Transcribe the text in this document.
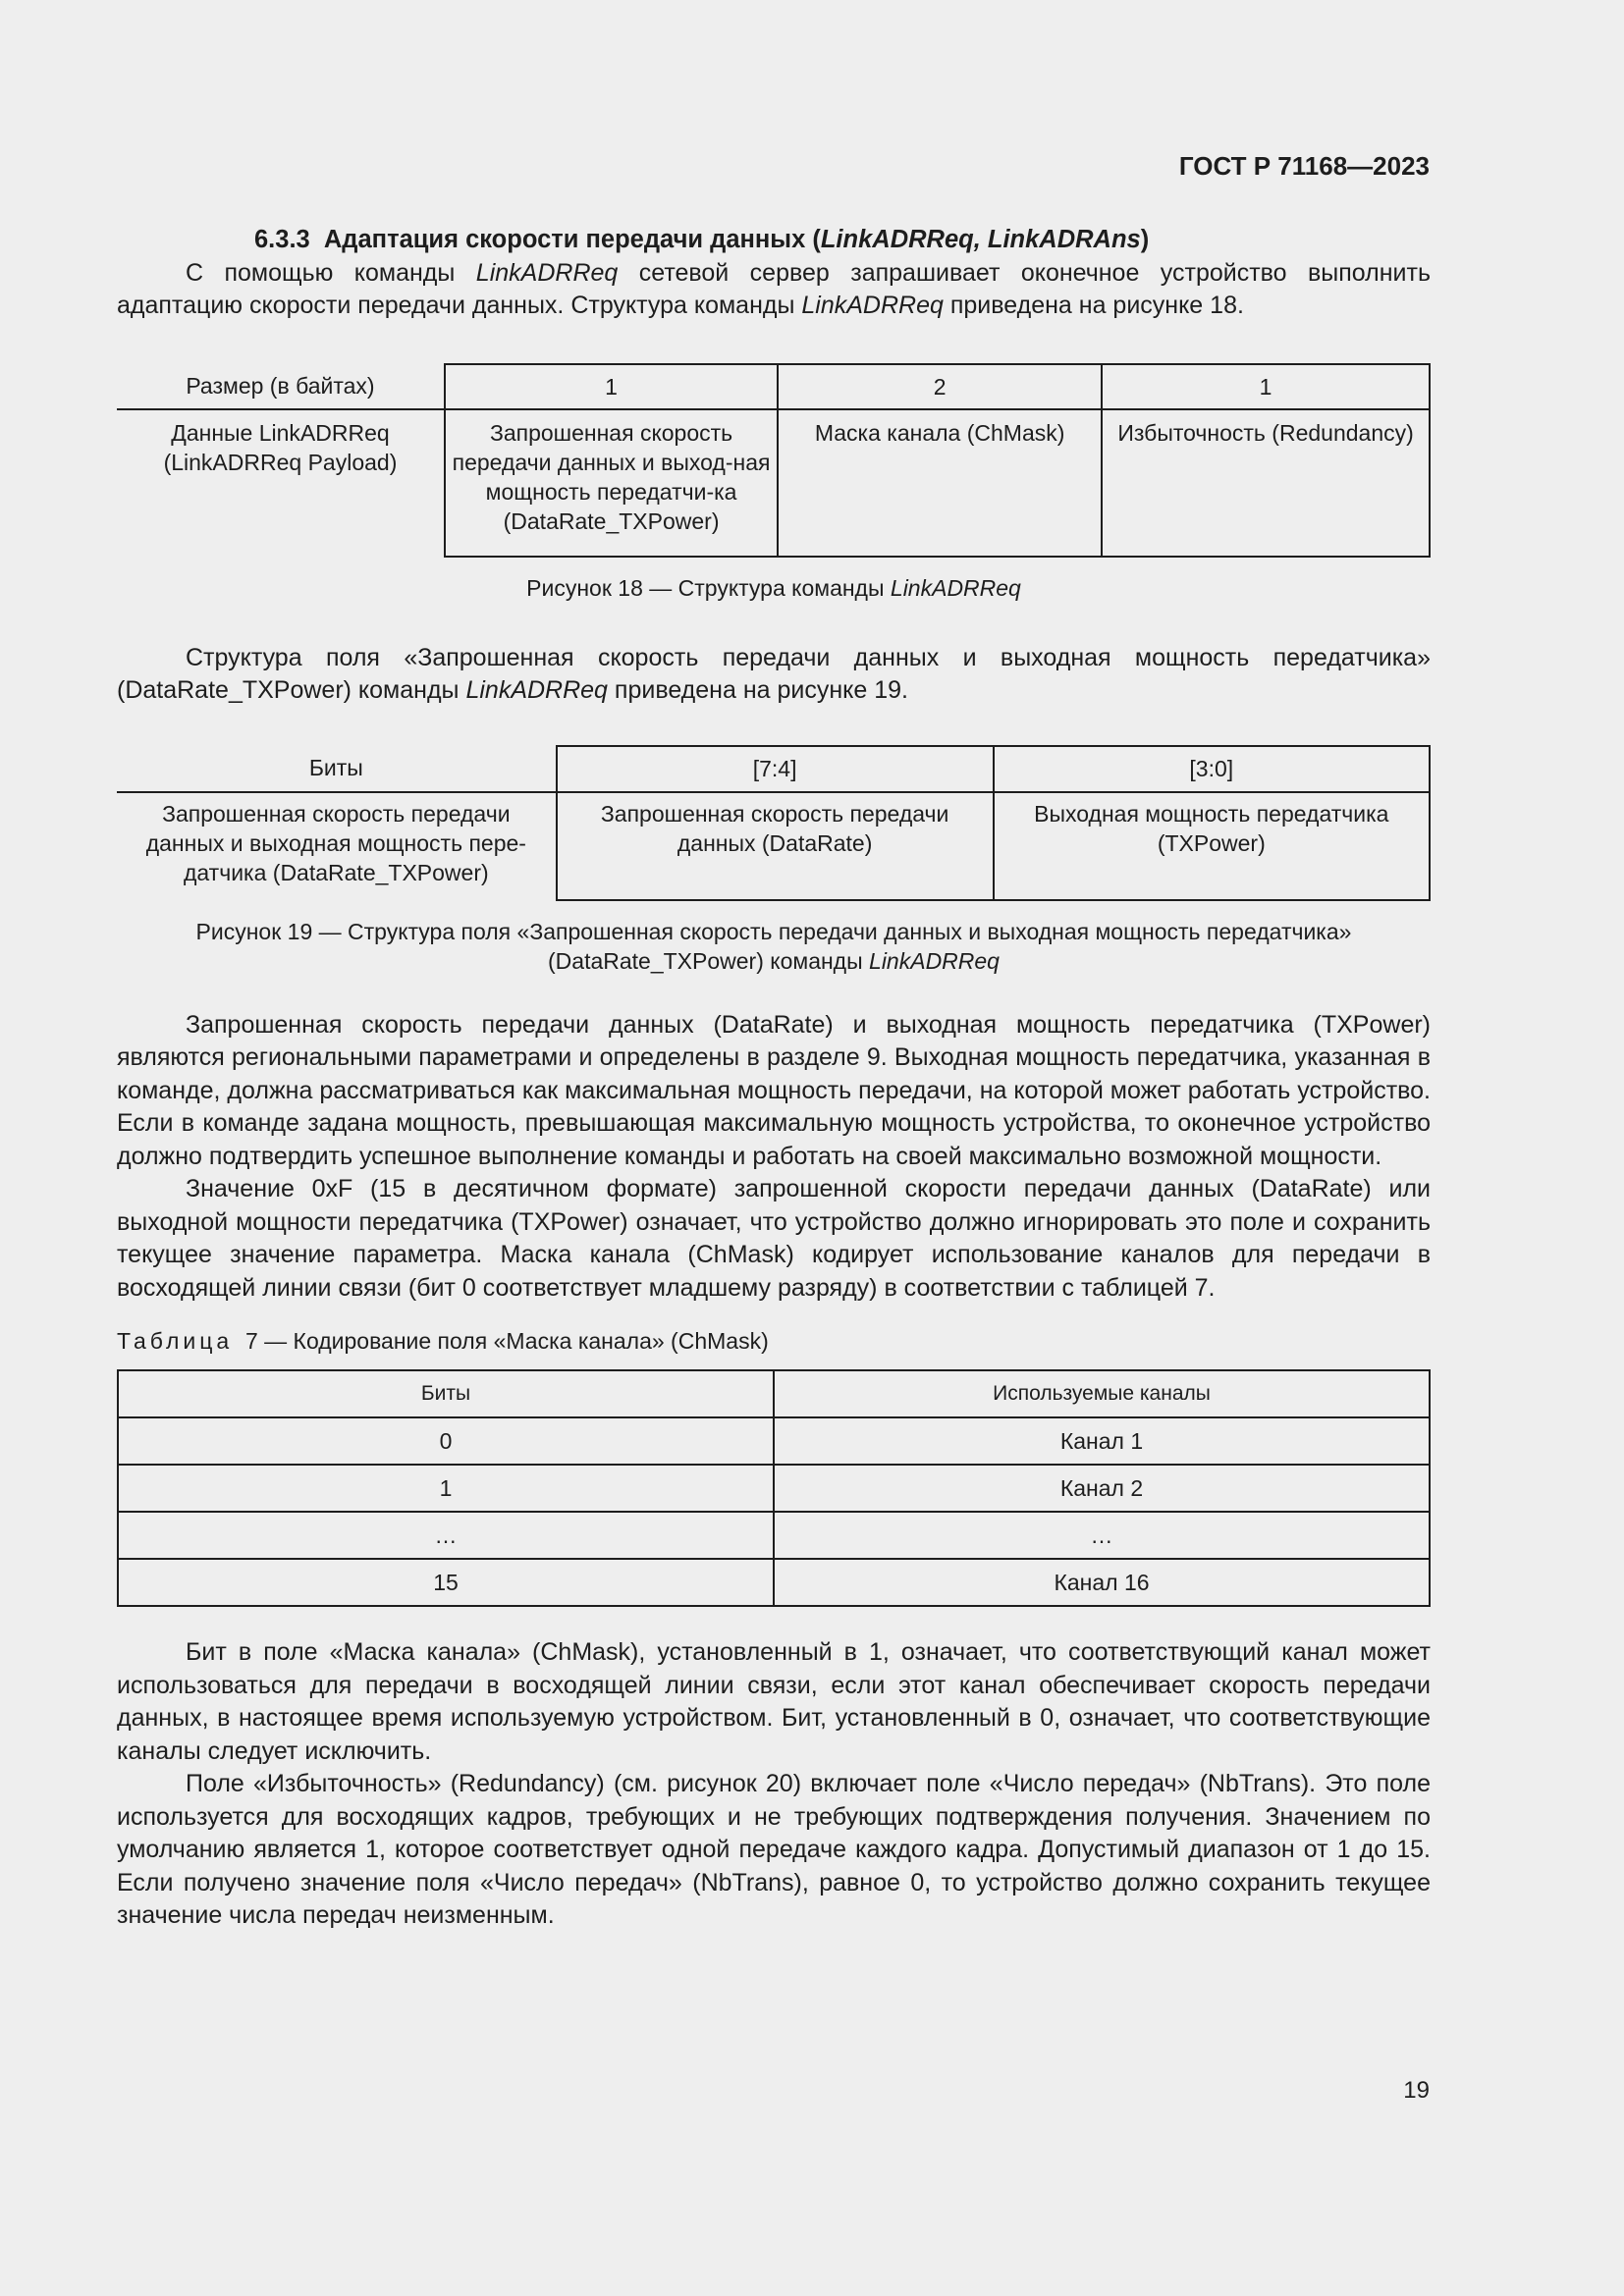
ГОСТ Р 71168—2023

6.3.3 Адаптация скорости передачи данных (LinkADRReq, LinkADRAns)

С помощью команды LinkADRReq сетевой сервер запрашивает оконечное устройство выполнить адаптацию скорости передачи данных. Структура команды LinkADRReq приведена на рисунке 18.

Размер (в байтах)	1	2	1
Данные LinkADRReq (LinkADRReq Payload)	Запрошенная скорость передачи данных и выход-ная мощность передатчи-ка (DataRate_TXPower)	Маска канала (ChMask)	Избыточность (Redundancy)
Рисунок 18 — Структура команды LinkADRReq

Структура поля «Запрошенная скорость передачи данных и выходная мощность передатчика» (DataRate_TXPower) команды LinkADRReq приведена на рисунке 19.

Биты	[7:4]	[3:0]
Запрошенная скорость передачи данных и выходная мощность пере-датчика (DataRate_TXPower)	Запрошенная скорость передачи данных (DataRate)	Выходная мощность передатчика (TXPower)
Рисунок 19 — Структура поля «Запрошенная скорость передачи данных и выходная мощность передатчика»
(DataRate_TXPower) команды LinkADRReq

Запрошенная скорость передачи данных (DataRate) и выходная мощность передатчика (TXPower) являются региональными параметрами и определены в разделе 9. Выходная мощность передатчика, указанная в команде, должна рассматриваться как максимальная мощность передачи, на которой может работать устройство. Если в команде задана мощность, превышающая максимальную мощность устройства, то оконечное устройство должно подтвердить успешное выполнение команды и работать на своей максимально возможной мощности.

Значение 0xF (15 в десятичном формате) запрошенной скорости передачи данных (DataRate) или выходной мощности передатчика (TXPower) означает, что устройство должно игнорировать это поле и сохранить текущее значение параметра. Маска канала (ChMask) кодирует использование каналов для передачи в восходящей линии связи (бит 0 соответствует младшему разряду) в соответствии с таблицей 7.

Таблица 7 — Кодирование поля «Маска канала» (ChMask)
Биты	Используемые каналы
0	Канал 1
1	Канал 2
…	…
15	Канал 16

Бит в поле «Маска канала» (ChMask), установленный в 1, означает, что соответствующий канал может использоваться для передачи в восходящей линии связи, если этот канал обеспечивает скорость передачи данных, в настоящее время используемую устройством. Бит, установленный в 0, означает, что соответствующие каналы следует исключить.

Поле «Избыточность» (Redundancy) (см. рисунок 20) включает поле «Число передач» (NbTrans). Это поле используется для восходящих кадров, требующих и не требующих подтверждения получения. Значением по умолчанию является 1, которое соответствует одной передаче каждого кадра. Допустимый диапазон от 1 до 15. Если получено значение поля «Число передач» (NbTrans), равное 0, то устройство должно сохранить текущее значение числа передач неизменным.

19
